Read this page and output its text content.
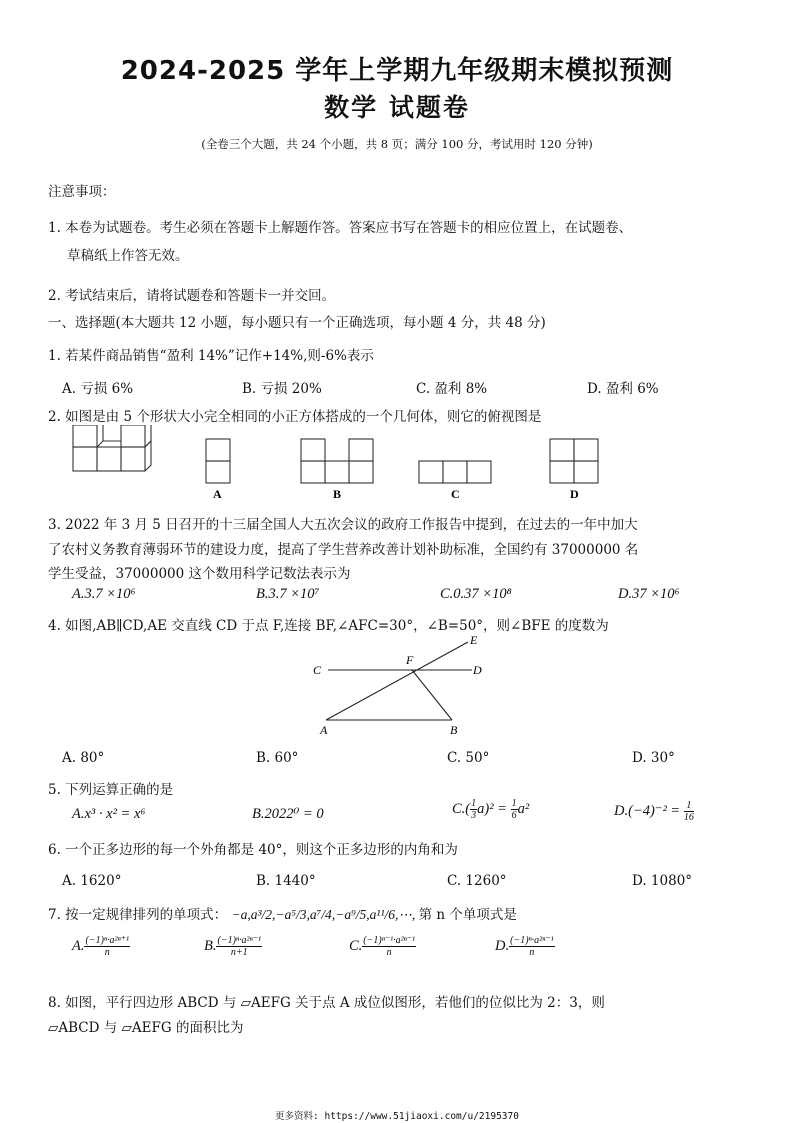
2024-2025 学年上学期九年级期末模拟预测
数学 试题卷
(全卷三个大题，共 24 个小题，共 8 页；满分 100 分，考试用时 120 分钟)
注意事项：
1. 本卷为试题卷。考生必须在答题卡上解题作答。答案应书写在答题卡的相应位置上，在试题卷、
草稿纸上作答无效。
2. 考试结束后，请将试题卷和答题卡一并交回。
一、选择题(本大题共 12 小题，每小题只有一个正确选项，每小题 4 分，共 48 分)
1. 若某件商品销售“盈利 14%”记作+14%,则-6%表示
A. 亏损 6%	B. 亏损 20%	C. 盈利 8%	D. 盈利 6%
2. 如图是由 5 个形状大小完全相同的小正方体搭成的一个几何体，则它的俯视图是
A	B	C	D
3. 2022 年 3 月 5 日召开的十三届全国人大五次会议的政府工作报告中提到，在过去的一年中加大
了农村义务教育薄弱环节的建设力度，提高了学生营养改善计划补助标准，全国约有 37000000 名
学生受益，37000000 这个数用科学记数法表示为
A.3.7 ×10⁶	B.3.7 ×10⁷	C.0.37 ×10⁸	D.37 ×10⁶
4. 如图,AB∥CD,AE 交直线 CD 于点 F,连接 BF,∠AFC=30°，∠B=50°，则∠BFE 的度数为
C
F
D
E
A	B
A. 80°	B. 60°	C. 50°	D. 30°
5. 下列运算正确的是
A.x³ · x² = x⁶	B.2022⁰ = 0	$C.( \frac{1}{3} a)^2 = \frac{1}{6} a^2$	$D.(-4)^{-2} = \frac{1}{16}$
6. 一个正多边形的每一个外角都是 40°，则这个正多边形的内角和为
A. 1620°	B. 1440°	C. 1260°	D. 1080°
7. 按一定规律排列的单项式： −a,a³/2,−a⁵/3,a⁷/4,−a⁹/5,a¹¹/6,⋯, 第 n 个单项式是
A. $\frac{\text{(−1)ⁿ·a²ⁿ⁺¹}}{n}$	B. $\frac{\text{(−1)ⁿ·a²ⁿ⁻¹}}{n+1}$	C. $\frac{\text{(−1)ⁿ⁻¹·a²ⁿ⁻¹}}{n}$	D. $\frac{\text{(−1)ⁿ·a²ⁿ⁻¹}}{n}$
8. 如图，平行四边形 ABCD 与 ▱AEFG 关于点 A 成位似图形，若他们的位似比为 2：3，则
▱ABCD 与 ▱AEFG 的面积比为
更多资料: https://www.51jiaoxi.com/u/2195370
